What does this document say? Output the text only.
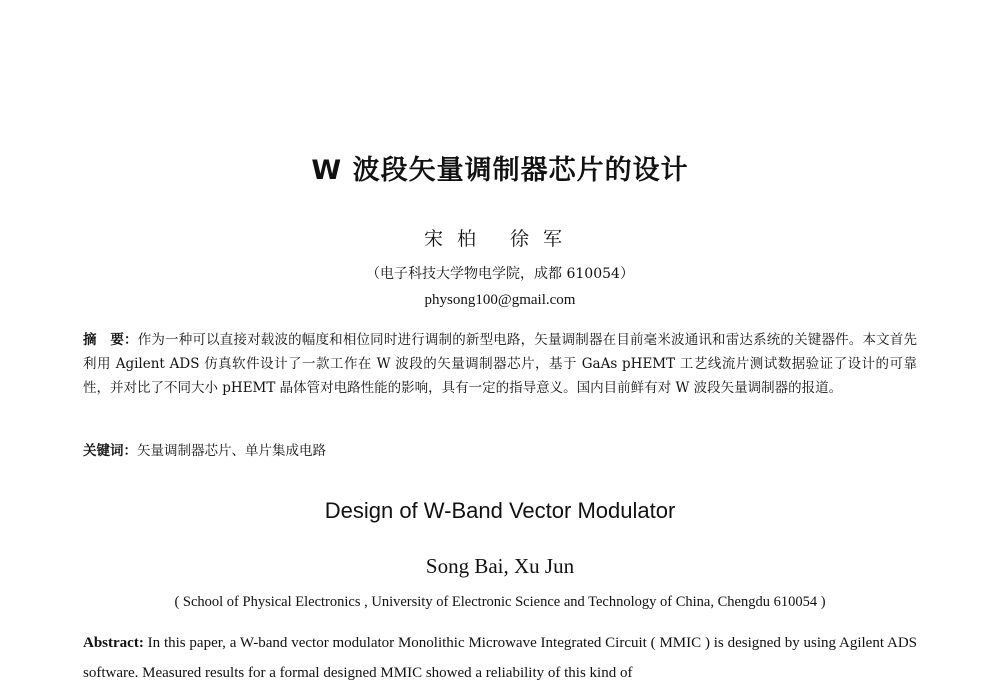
W 波段矢量调制器芯片的设计
宋柏 徐军
（电子科技大学物电学院，成都 610054）
physong100@gmail.com
摘　要：作为一种可以直接对载波的幅度和相位同时进行调制的新型电路，矢量调制器在目前毫米波通讯和雷达系统的关键器件。本文首先利用 Agilent ADS 仿真软件设计了一款工作在 W 波段的矢量调制器芯片，基于 GaAs pHEMT 工艺线流片测试数据验证了设计的可靠性，并对比了不同大小 pHEMT 晶体管对电路性能的影响，具有一定的指导意义。国内目前鲜有对 W 波段矢量调制器的报道。
关键词：矢量调制器芯片、单片集成电路
Design of W-Band Vector Modulator
Song Bai, Xu Jun
( School of Physical Electronics , University of Electronic Science and Technology of China, Chengdu 610054 )
Abstract: In this paper, a W-band vector modulator Monolithic Microwave Integrated Circuit ( MMIC ) is designed by using Agilent ADS software. Measured results for a formal designed MMIC showed a reliability of this kind of
